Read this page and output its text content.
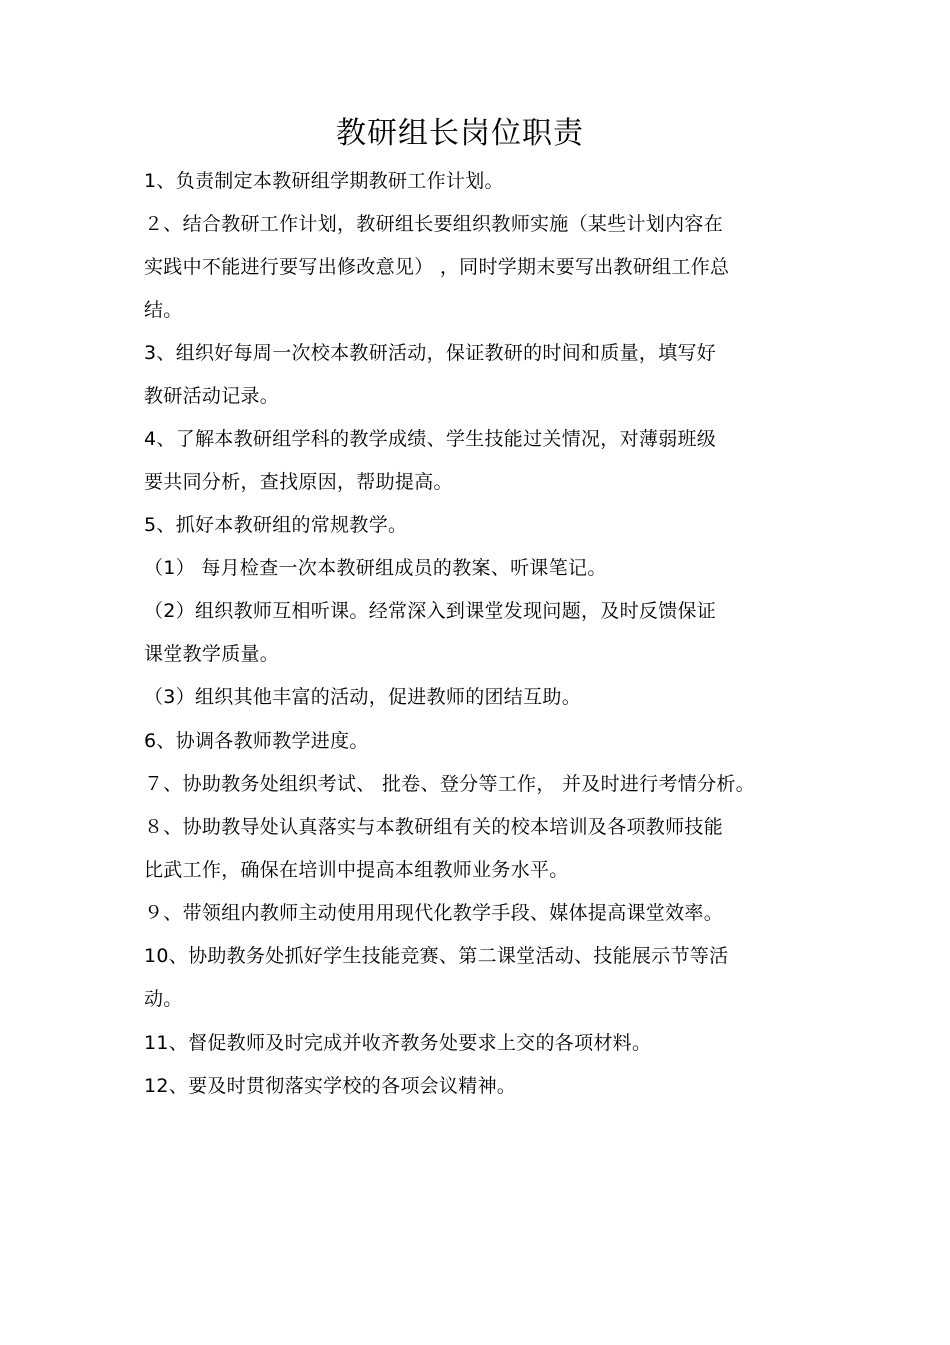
教研组长岗位职责
1、负责制定本教研组学期教研工作计划。
２、结合教研工作计划，教研组长要组织教师实施（某些计划内容在
实践中不能进行要写出修改意见） ，同时学期末要写出教研组工作总
结。
3、组织好每周一次校本教研活动，保证教研的时间和质量，填写好
教研活动记录。
4、了解本教研组学科的教学成绩、学生技能过关情况，对薄弱班级
要共同分析，查找原因，帮助提高。
5、抓好本教研组的常规教学。
（1） 每月检查一次本教研组成员的教案、听课笔记。
（2）组织教师互相听课。经常深入到课堂发现问题，及时反馈保证
课堂教学质量。
（3）组织其他丰富的活动，促进教师的团结互助。
6、协调各教师教学进度。
７、协助教务处组织考试、 批卷、登分等工作， 并及时进行考情分析。
８、协助教导处认真落实与本教研组有关的校本培训及各项教师技能
比武工作，确保在培训中提高本组教师业务水平。
９、带领组内教师主动使用用现代化教学手段、媒体提高课堂效率。
10、协助教务处抓好学生技能竞赛、第二课堂活动、技能展示节等活
动。
11、督促教师及时完成并收齐教务处要求上交的各项材料。
12、要及时贯彻落实学校的各项会议精神。
